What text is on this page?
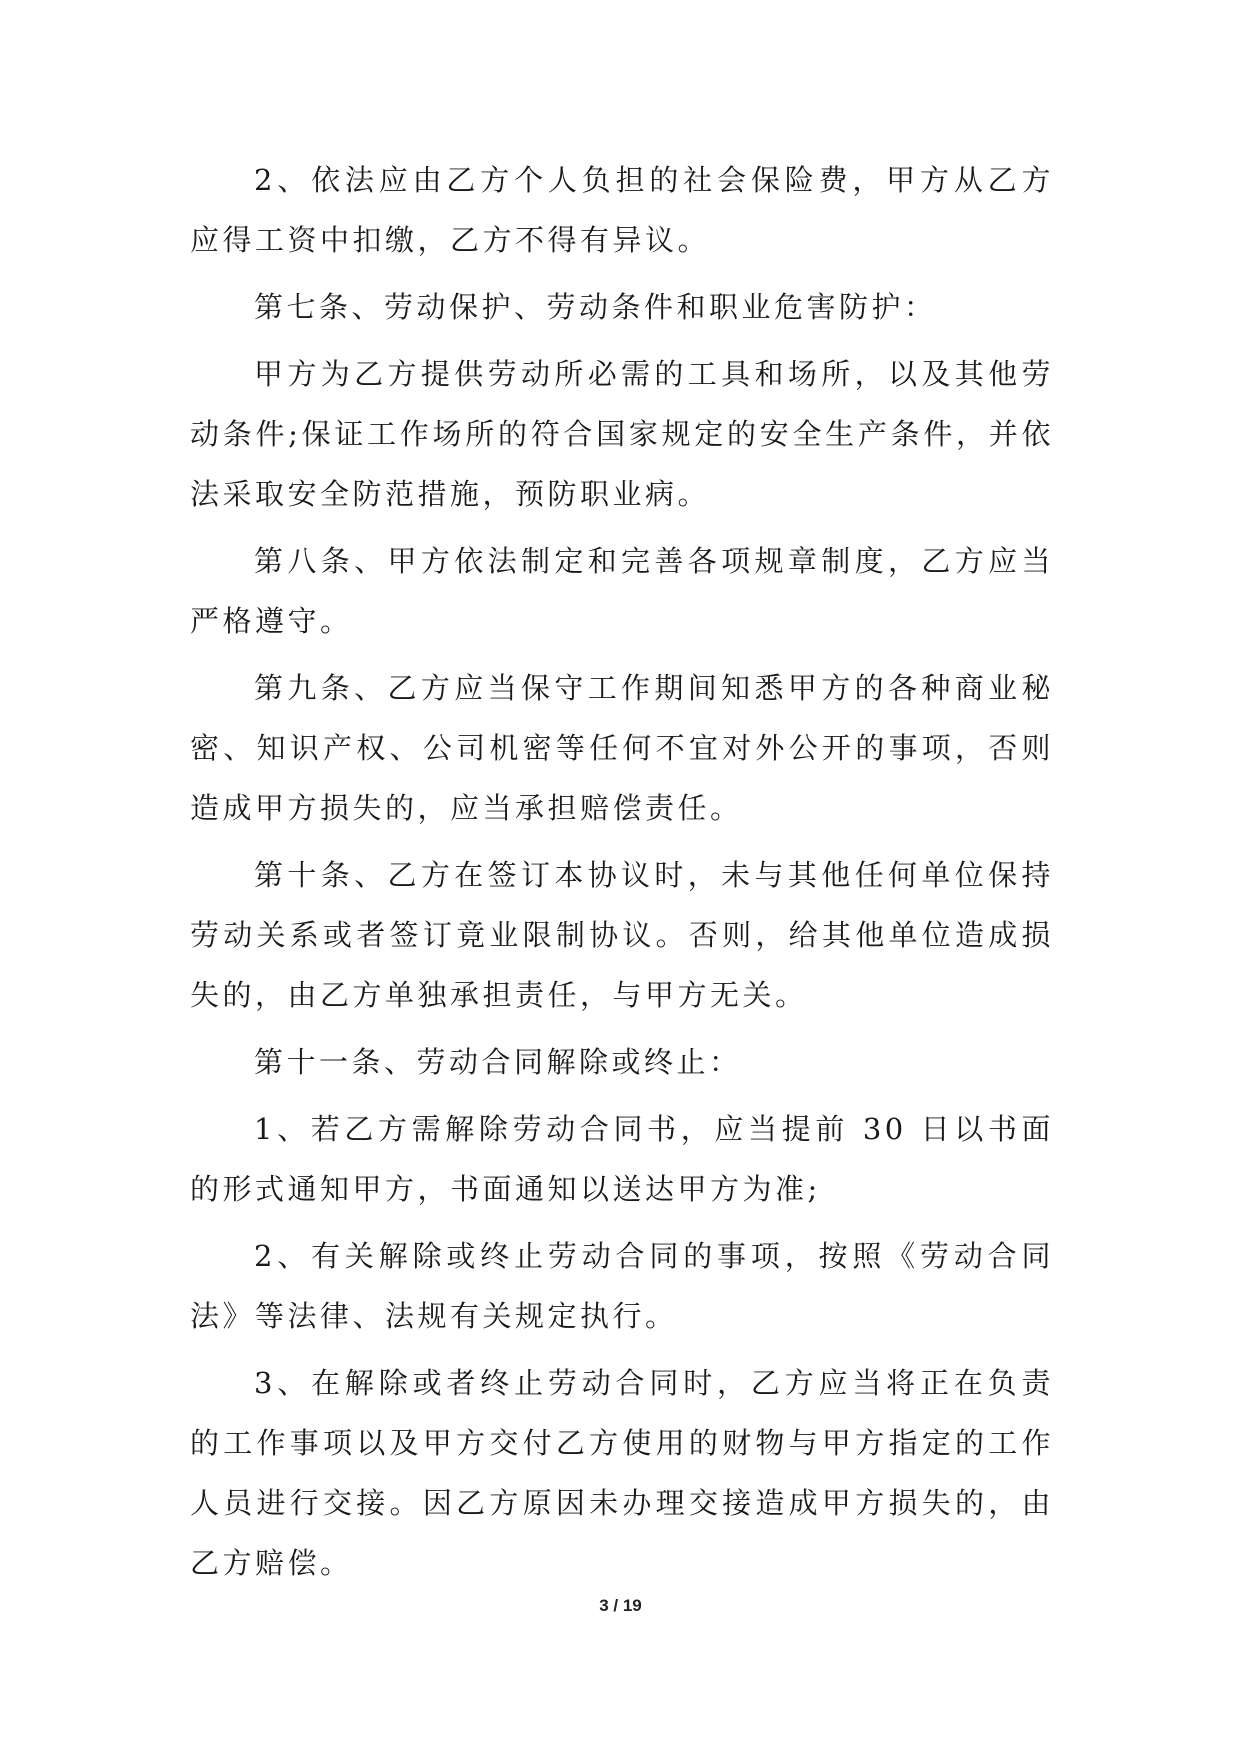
2、依法应由乙方个人负担的社会保险费，甲方从乙方应得工资中扣缴，乙方不得有异议。

第七条、劳动保护、劳动条件和职业危害防护：

甲方为乙方提供劳动所必需的工具和场所，以及其他劳动条件;保证工作场所的符合国家规定的安全生产条件，并依法采取安全防范措施，预防职业病。

第八条、甲方依法制定和完善各项规章制度，乙方应当严格遵守。

第九条、乙方应当保守工作期间知悉甲方的各种商业秘密、知识产权、公司机密等任何不宜对外公开的事项，否则造成甲方损失的，应当承担赔偿责任。

第十条、乙方在签订本协议时，未与其他任何单位保持劳动关系或者签订竟业限制协议。否则，给其他单位造成损失的，由乙方单独承担责任，与甲方无关。

第十一条、劳动合同解除或终止：

1、若乙方需解除劳动合同书，应当提前 30 日以书面的形式通知甲方，书面通知以送达甲方为准;

2、有关解除或终止劳动合同的事项，按照《劳动合同法》等法律、法规有关规定执行。

3、在解除或者终止劳动合同时，乙方应当将正在负责的工作事项以及甲方交付乙方使用的财物与甲方指定的工作人员进行交接。因乙方原因未办理交接造成甲方损失的，由乙方赔偿。

3 / 19
